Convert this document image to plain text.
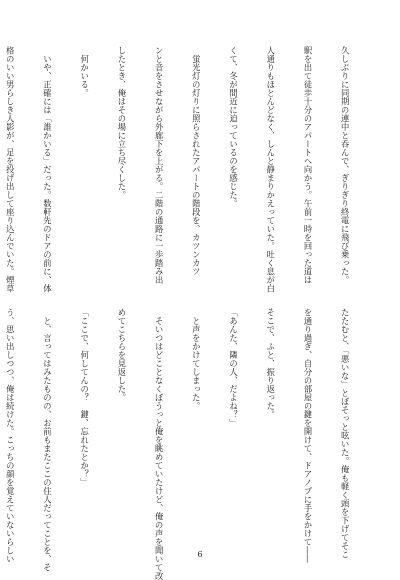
久しぶりに同期の連中と呑んで、ぎりぎり終電に飛び乗った。

駅を出て徒歩十分のアパートへ向かう。午前一時を回った道は

人通りもほとんどなく、しんと静まりかえっていた。吐く息が白

くて、冬が間近に迫っているのを感じた。

　蛍光灯の灯りに照らされたアパートの階段を、カツンカツ

ンと音をさせながら外廊下を上がる。二階の通路に一歩踏み出

したとき、俺はその場に立ち尽くした。

　何かいる。

　いや、正確には「誰かいる」だった。数軒先のドアの前に、体

格のいい男らしき人影が、足を投げ出して座り込んでいた。煙草

たたむと、「悪いな」とぼそっと呟いた。俺も軽く頭を下げてそこ

を通り過ぎ、自分の部屋の鍵を開けて、ドアノブに手をかけて――

そこで、ふと、振り返った。

「あんた、隣の人、だよね？」

　と声をかけてしまった。

　そいつはどことなくぼうっと俺を眺めていたけど、俺の声を聞いて改

めてこちらを見返した。

「ここで、何してんの？　鍵、忘れたとか？」

　と、言ってはみたものの、お前もまたここの住人だってことを、そ

う、思い出しつつ、俺は続けた。こっちの顔を覚えていないらしい

	6
